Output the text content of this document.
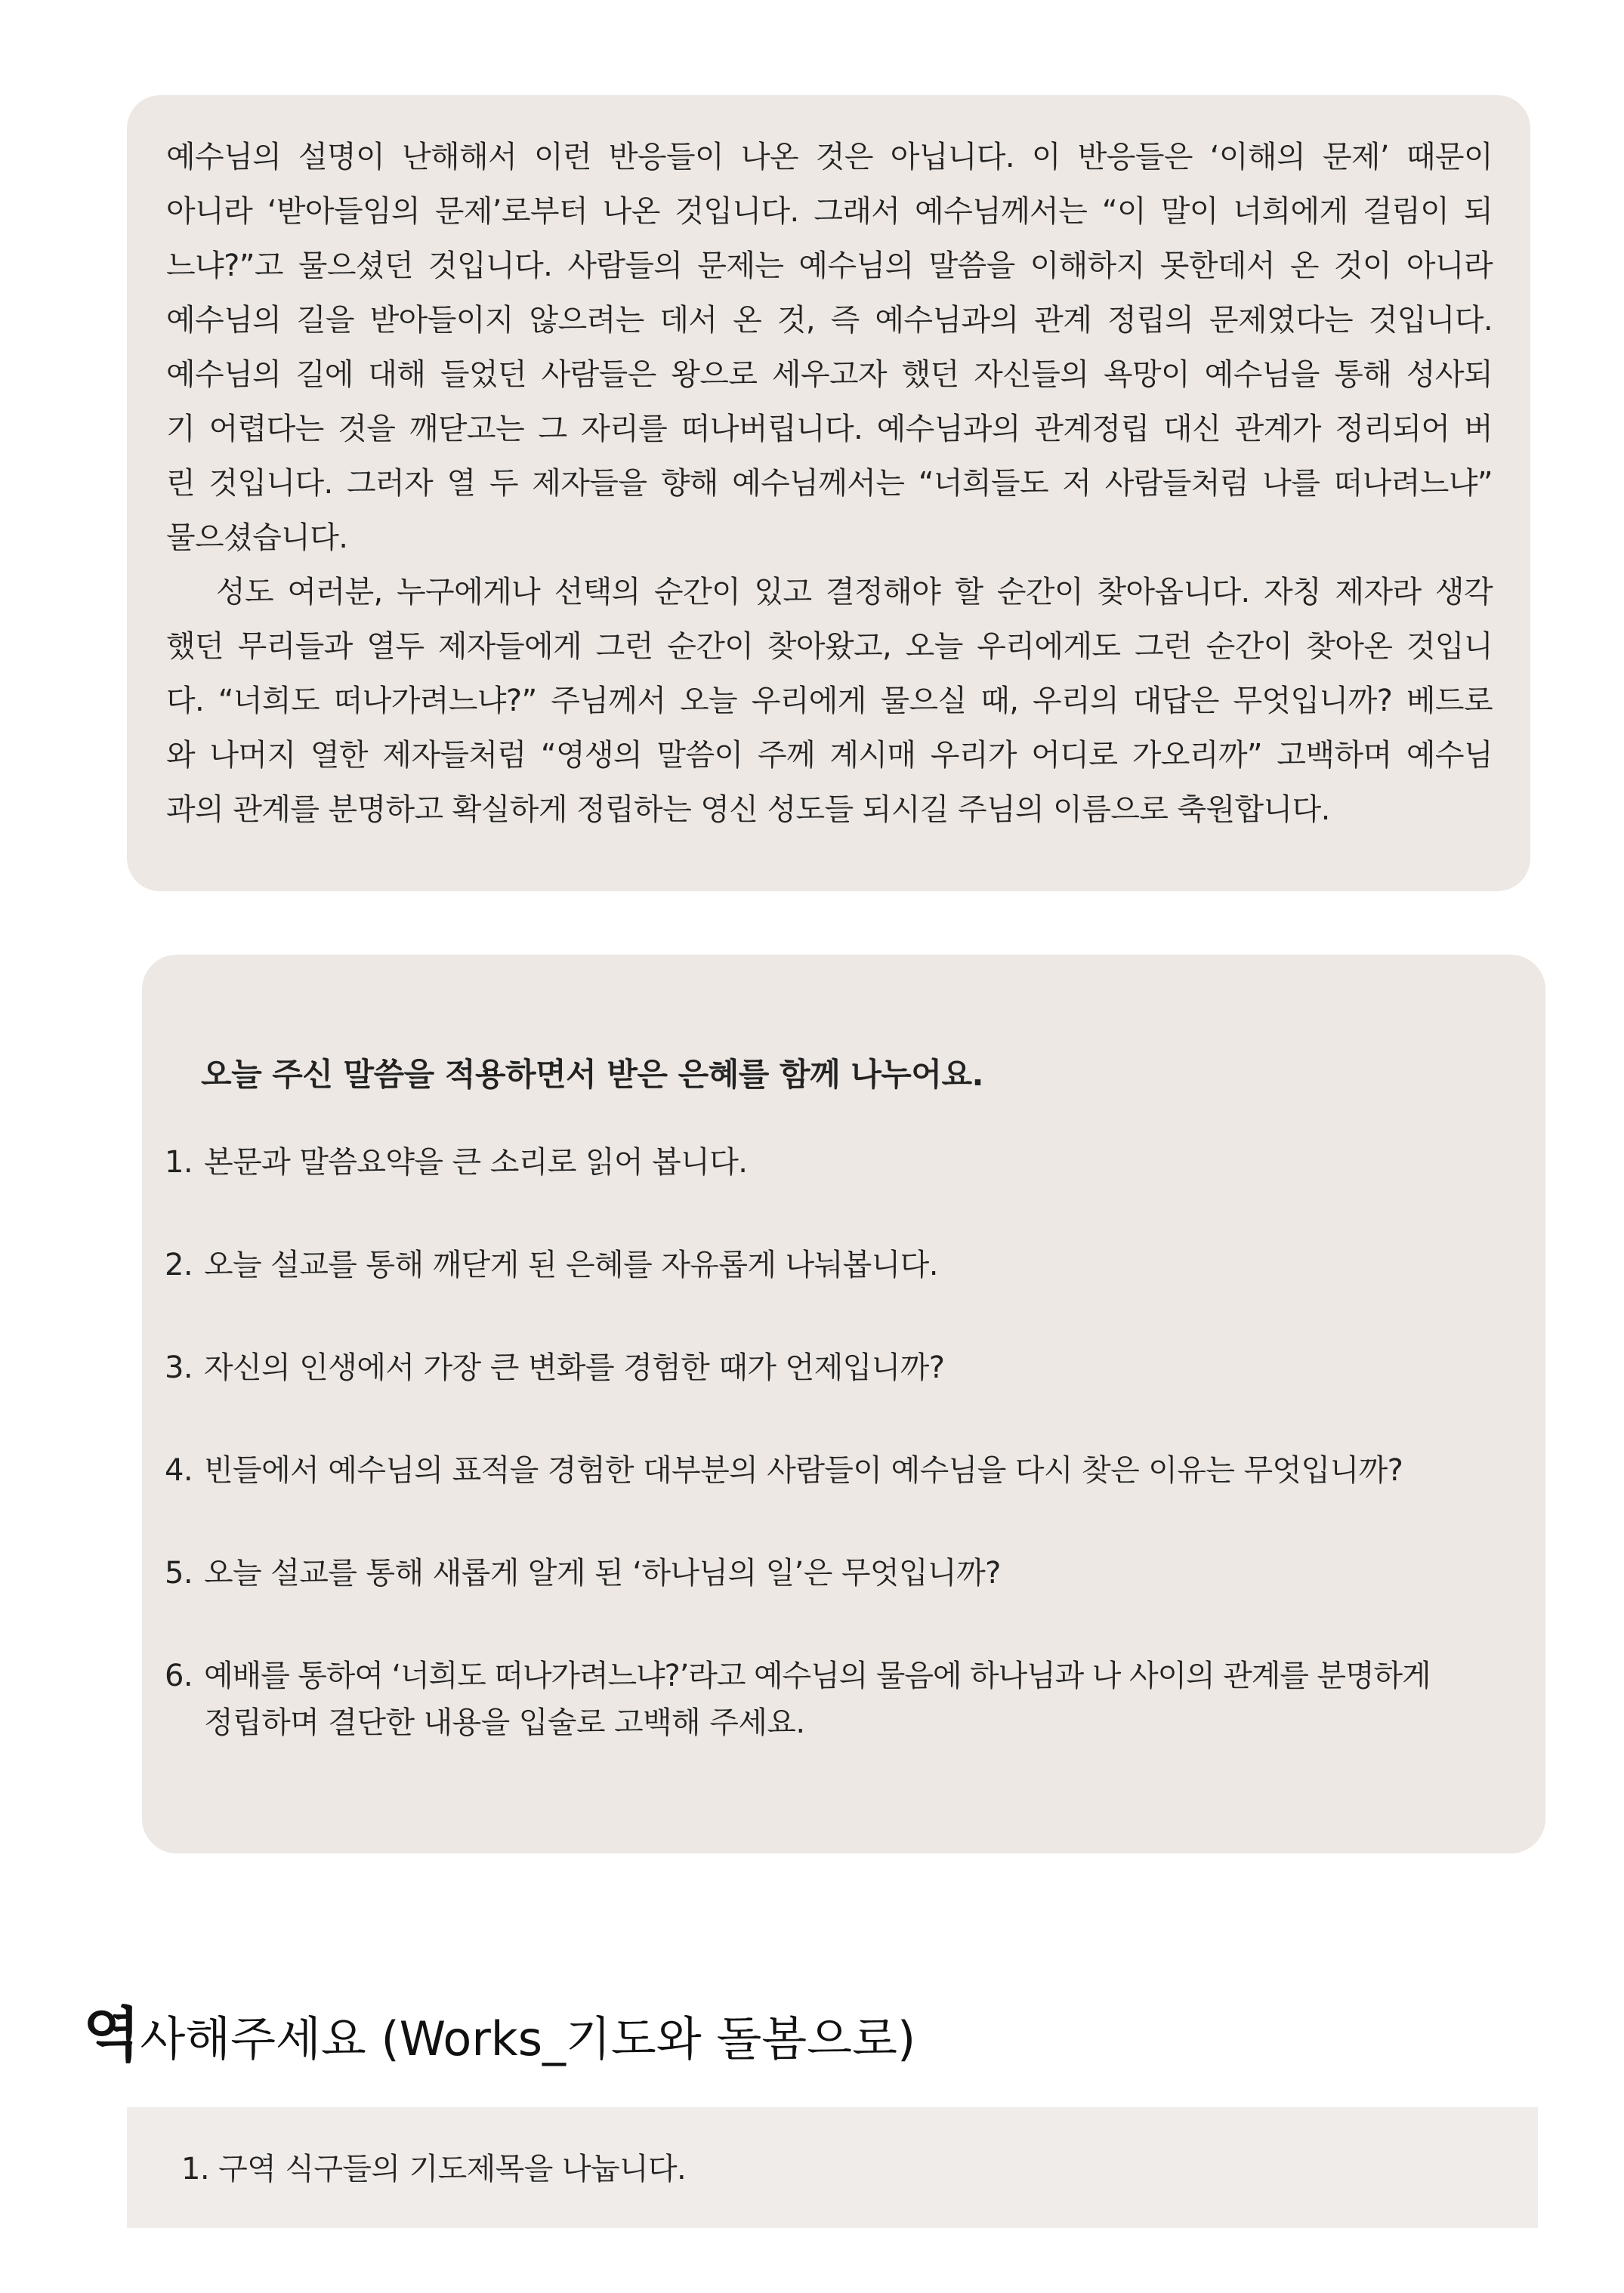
예수님의 설명이 난해해서 이런 반응들이 나온 것은 아닙니다. 이 반응들은 ‘이해의 문제’ 때문이
아니라 ‘받아들임의 문제’로부터 나온 것입니다. 그래서 예수님께서는 “이 말이 너희에게 걸림이 되
느냐?”고 물으셨던 것입니다. 사람들의 문제는 예수님의 말씀을 이해하지 못한데서 온 것이 아니라
예수님의 길을 받아들이지 않으려는 데서 온 것, 즉 예수님과의 관계 정립의 문제였다는 것입니다.
예수님의 길에 대해 들었던 사람들은 왕으로 세우고자 했던 자신들의 욕망이 예수님을 통해 성사되
기 어렵다는 것을 깨닫고는 그 자리를 떠나버립니다. 예수님과의 관계정립 대신 관계가 정리되어 버
린 것입니다. 그러자 열 두 제자들을 향해 예수님께서는 “너희들도 저 사람들처럼 나를 떠나려느냐”
물으셨습니다.

성도 여러분, 누구에게나 선택의 순간이 있고 결정해야 할 순간이 찾아옵니다. 자칭 제자라 생각
했던 무리들과 열두 제자들에게 그런 순간이 찾아왔고, 오늘 우리에게도 그런 순간이 찾아온 것입니
다. “너희도 떠나가려느냐?” 주님께서 오늘 우리에게 물으실 때, 우리의 대답은 무엇입니까? 베드로
와 나머지 열한 제자들처럼 “영생의 말씀이 주께 계시매 우리가 어디로 가오리까” 고백하며 예수님
과의 관계를 분명하고 확실하게 정립하는 영신 성도들 되시길 주님의 이름으로 축원합니다.

오늘 주신 말씀을 적용하면서 받은 은혜를 함께 나누어요.

1. 본문과 말씀요약을 큰 소리로 읽어 봅니다.
2. 오늘 설교를 통해 깨닫게 된 은혜를 자유롭게 나눠봅니다.
3. 자신의 인생에서 가장 큰 변화를 경험한 때가 언제입니까?
4. 빈들에서 예수님의 표적을 경험한 대부분의 사람들이 예수님을 다시 찾은 이유는 무엇입니까?
5. 오늘 설교를 통해 새롭게 알게 된 ‘하나님의 일’은 무엇입니까?
6. 예배를 통하여 ‘너희도 떠나가려느냐?’라고 예수님의 물음에 하나님과 나 사이의 관계를 분명하게
정립하며 결단한 내용을 입술로 고백해 주세요.
역사해주세요 (Works_기도와 돌봄으로)
1. 구역 식구들의 기도제목을 나눕니다.
